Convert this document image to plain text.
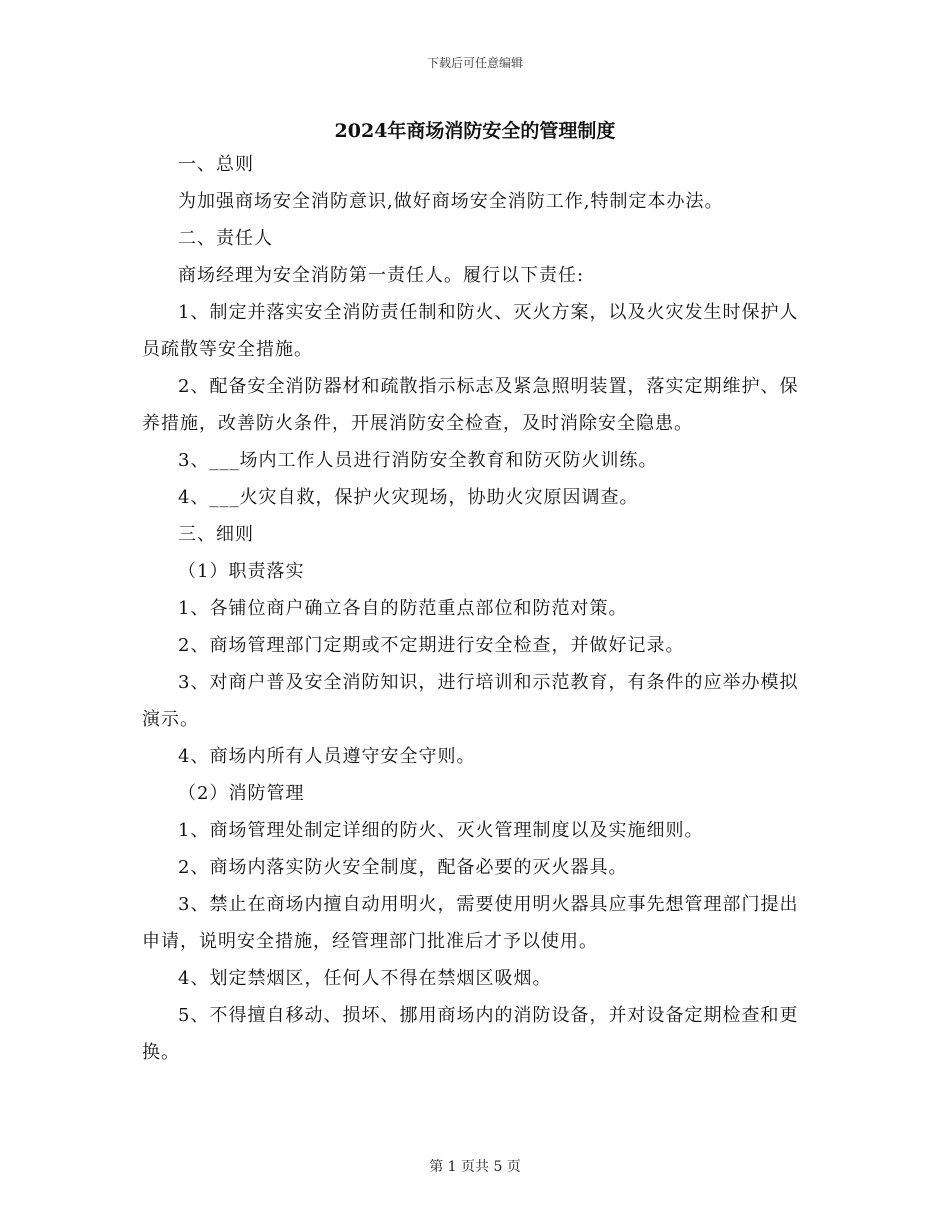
下载后可任意编辑
2024年商场消防安全的管理制度

一、总则

为加强商场安全消防意识,做好商场安全消防工作,特制定本办法。

二、责任人

商场经理为安全消防第一责任人。履行以下责任:

1、制定并落实安全消防责任制和防火、灭火方案，以及火灾发生时保护人员疏散等安全措施。

2、配备安全消防器材和疏散指示标志及紧急照明装置，落实定期维护、保养措施，改善防火条件，开展消防安全检查，及时消除安全隐患。

3、___场内工作人员进行消防安全教育和防灭防火训练。

4、___火灾自救，保护火灾现场，协助火灾原因调查。

三、细则

（1）职责落实

1、各铺位商户确立各自的防范重点部位和防范对策。

2、商场管理部门定期或不定期进行安全检查，并做好记录。

3、对商户普及安全消防知识，进行培训和示范教育，有条件的应举办模拟演示。

4、商场内所有人员遵守安全守则。

（2）消防管理

1、商场管理处制定详细的防火、灭火管理制度以及实施细则。

2、商场内落实防火安全制度，配备必要的灭火器具。

3、禁止在商场内擅自动用明火，需要使用明火器具应事先想管理部门提出申请，说明安全措施，经管理部门批准后才予以使用。

4、划定禁烟区，任何人不得在禁烟区吸烟。

5、不得擅自移动、损坏、挪用商场内的消防设备，并对设备定期检查和更换。

第 1 页共 5 页
